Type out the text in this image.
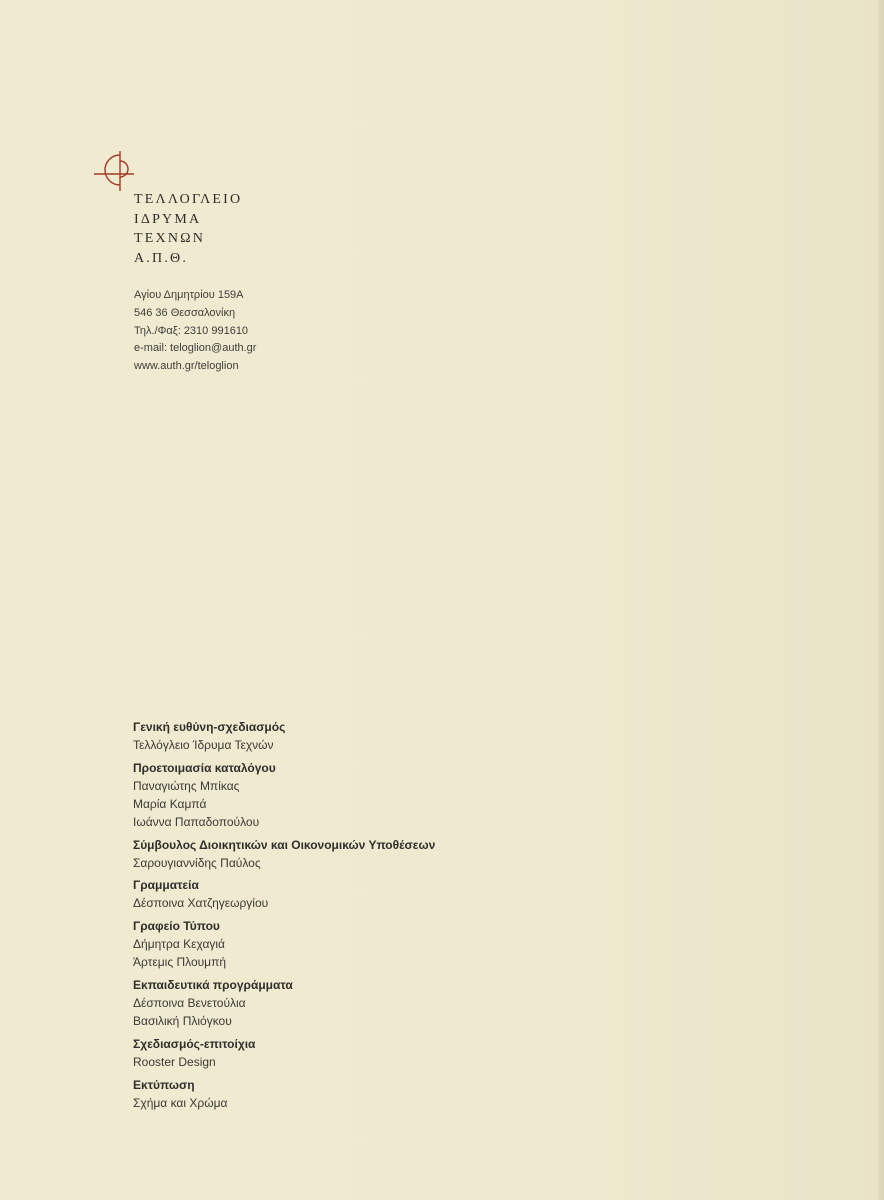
ΤΕΛΛΟΓΛΕΙΟ
ΙΔΡΥΜΑ
ΤΕΧΝΩΝ
Α.Π.Θ.
Αγίου Δημητρίου 159Α
546 36 Θεσσαλονίκη
Τηλ./Φαξ: 2310 991610
e-mail: teloglion@auth.gr
www.auth.gr/teloglion
Γενική ευθύνη-σχεδιασμός
Τελλόγλειο Ίδρυμα Τεχνών
Προετοιμασία καταλόγου
Παναγιώτης Μπίκας
Μαρία Καμπά
Ιωάννα Παπαδοπούλου
Σύμβουλος Διοικητικών και Οικονομικών Υποθέσεων
Σαρουγιαννίδης Παύλος
Γραμματεία
Δέσποινα Χατζηγεωργίου
Γραφείο Τύπου
Δήμητρα Κεχαγιά
Άρτεμις Πλουμπή
Εκπαιδευτικά προγράμματα
Δέσποινα Βενετούλια
Βασιλική Πλιόγκου
Σχεδιασμός-επιτοίχια
Rooster Design
Εκτύπωση
Σχήμα και Χρώμα
